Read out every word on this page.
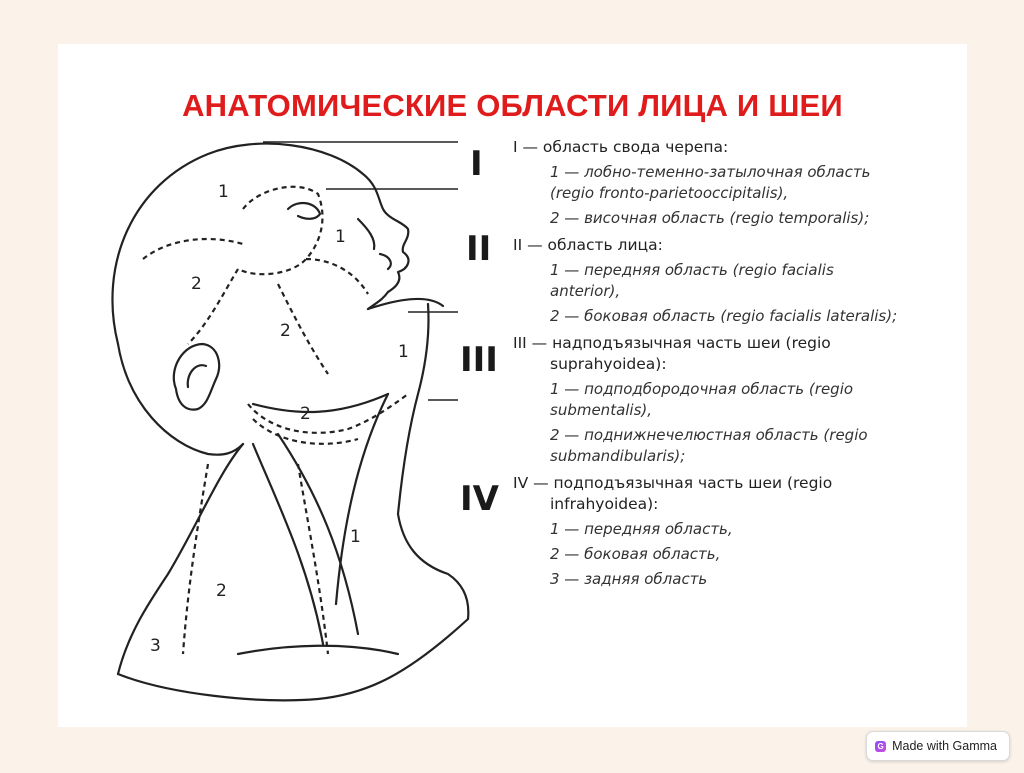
АНАТОМИЧЕСКИЕ ОБЛАСТИ ЛИЦА И ШЕИ
1
2
1
2
1
2
1
2
3
I
II
III
IV

I — область свода черепа:

1 — лобно-теменно-затылочная область

(regio fronto-parietooccipitalis),

2 — височная область (regio temporalis);

II — область лица:

1 — передняя область (regio facialis

anterior),

2 — боковая область (regio facialis lateralis);

III — надподъязычная часть шеи (regio

suprahyoidea):

1 — подподбородочная область (regio

submentalis),

2 — поднижнечелюстная область (regio

submandibularis);

IV — подподъязычная часть шеи (regio

infrahyoidea):

1 — передняя область,

2 — боковая область,

3 — задняя область

G Made with Gamma
